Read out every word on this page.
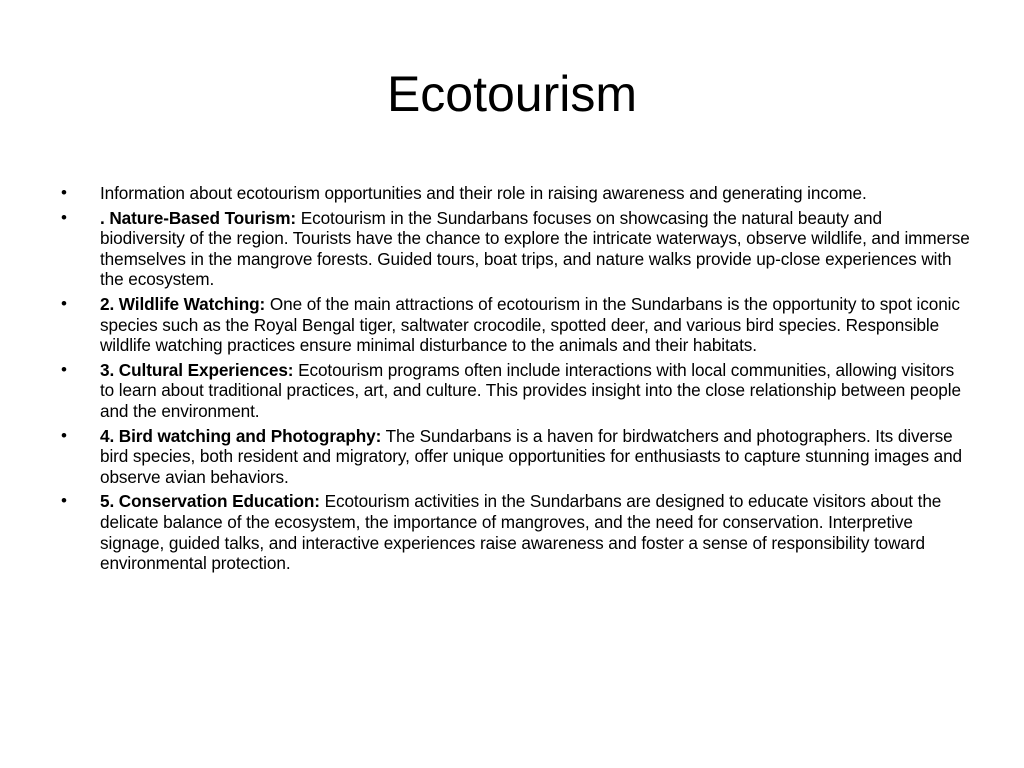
Ecotourism
•	Information about ecotourism opportunities and their role in raising awareness and generating income.
•	. Nature-Based Tourism: Ecotourism in the Sundarbans focuses on showcasing the natural beauty and biodiversity of the region. Tourists have the chance to explore the intricate waterways, observe wildlife, and immerse themselves in the mangrove forests. Guided tours, boat trips, and nature walks provide up-close experiences with the ecosystem.
•	2. Wildlife Watching: One of the main attractions of ecotourism in the Sundarbans is the opportunity to spot iconic species such as the Royal Bengal tiger, saltwater crocodile, spotted deer, and various bird species. Responsible wildlife watching practices ensure minimal disturbance to the animals and their habitats.
•	3. Cultural Experiences: Ecotourism programs often include interactions with local communities, allowing visitors to learn about traditional practices, art, and culture. This provides insight into the close relationship between people and the environment.
•	4. Bird watching and Photography: The Sundarbans is a haven for birdwatchers and photographers. Its diverse bird species, both resident and migratory, offer unique opportunities for enthusiasts to capture stunning images and observe avian behaviors.
•	5. Conservation Education: Ecotourism activities in the Sundarbans are designed to educate visitors about the delicate balance of the ecosystem, the importance of mangroves, and the need for conservation. Interpretive signage, guided talks, and interactive experiences raise awareness and foster a sense of responsibility toward environmental protection.
